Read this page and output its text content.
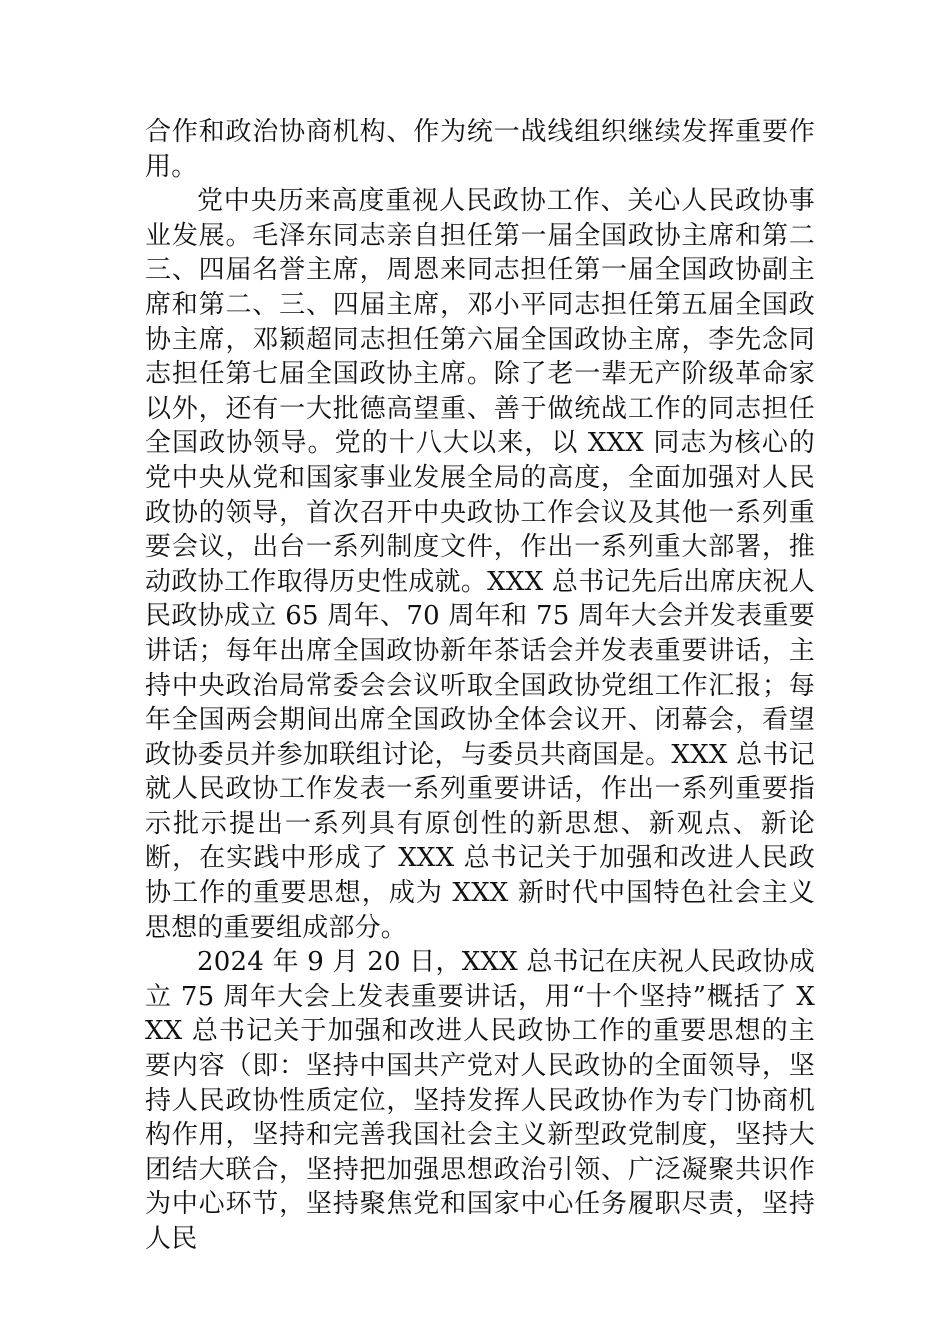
合作和政治协商机构、作为统一战线组织继续发挥重要作用。

党中央历来高度重视人民政协工作、关心人民政协事业发展。毛泽东同志亲自担任第一届全国政协主席和第二三、四届名誉主席，周恩来同志担任第一届全国政协副主席和第二、三、四届主席，邓小平同志担任第五届全国政协主席，邓颖超同志担任第六届全国政协主席，李先念同志担任第七届全国政协主席。除了老一辈无产阶级革命家以外，还有一大批德高望重、善于做统战工作的同志担任全国政协领导。党的十八大以来，以 XXX 同志为核心的党中央从党和国家事业发展全局的高度，全面加强对人民政协的领导，首次召开中央政协工作会议及其他一系列重要会议，出台一系列制度文件，作出一系列重大部署，推动政协工作取得历史性成就。XXX 总书记先后出席庆祝人民政协成立 65 周年、70 周年和 75 周年大会并发表重要讲话；每年出席全国政协新年茶话会并发表重要讲话，主持中央政治局常委会会议听取全国政协党组工作汇报；每年全国两会期间出席全国政协全体会议开、闭幕会，看望政协委员并参加联组讨论，与委员共商国是。XXX 总书记就人民政协工作发表一系列重要讲话，作出一系列重要指示批示提出一系列具有原创性的新思想、新观点、新论断，在实践中形成了 XXX 总书记关于加强和改进人民政协工作的重要思想，成为 XXX 新时代中国特色社会主义思想的重要组成部分。

2024 年 9 月 20 日，XXX 总书记在庆祝人民政协成立 75 周年大会上发表重要讲话，用“十个坚持”概括了 XXX 总书记关于加强和改进人民政协工作的重要思想的主要内容（即：坚持中国共产党对人民政协的全面领导，坚持人民政协性质定位，坚持发挥人民政协作为专门协商机构作用，坚持和完善我国社会主义新型政党制度，坚持大团结大联合，坚持把加强思想政治引领、广泛凝聚共识作为中心环节，坚持聚焦党和国家中心任务履职尽责，坚持人民
